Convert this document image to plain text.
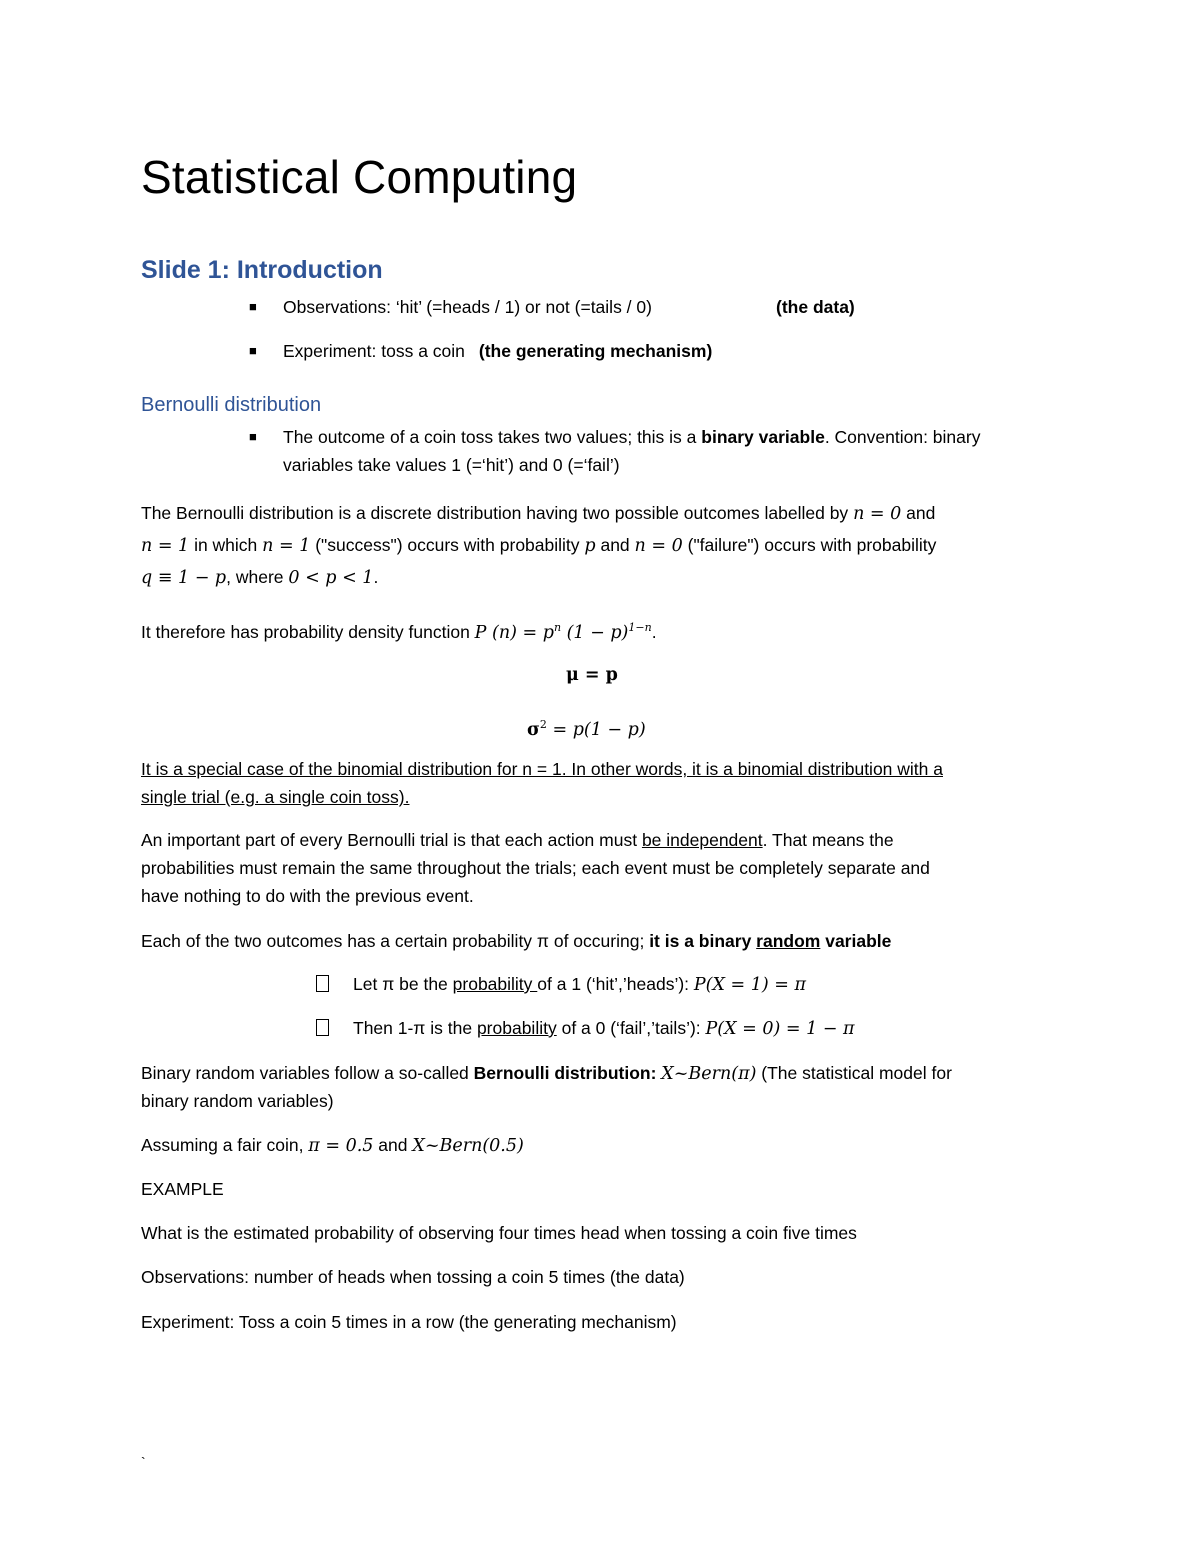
Statistical Computing
Slide 1: Introduction
■ Observations: ‘hit’ (=heads / 1) or not (=tails / 0)	(the data)
■ Experiment: toss a coin (the generating mechanism)
Bernoulli distribution
■ The outcome of a coin toss takes two values; this is a binary variable. Convention: binary
variables take values 1 (=‘hit’) and 0 (=‘fail’)
The Bernoulli distribution is a discrete distribution having two possible outcomes labelled by n = 0 and
n = 1 in which n = 1 ("success") occurs with probability p and n = 0 ("failure") occurs with probability
q ≡ 1 − p, where 0 < p < 1.
It therefore has probability density function P $(n) = p^n$ $(1 - p)^{1-n}$.
μ = p
$\sigma^2 = p(1 - p)$
It is a special case of the binomial distribution for n = 1. In other words, it is a binomial distribution with a
single trial (e.g. a single coin toss).
An important part of every Bernoulli trial is that each action must be independent. That means the
probabilities must remain the same throughout the trials; each event must be completely separate and
have nothing to do with the previous event.
Each of the two outcomes has a certain probability π of occuring; it is a binary random variable
Let π be the probability of a 1 (‘hit’,’heads’): P(X = 1) = π
Then 1-π is the probability of a 0 (‘fail’,’tails’): P(X = 0) = 1 − π
Binary random variables follow a so-called Bernoulli distribution: X~Bern(π) (The statistical model for
binary random variables)
Assuming a fair coin, π = 0.5 and X~Bern(0.5)
EXAMPLE
What is the estimated probability of observing four times head when tossing a coin five times
Observations: number of heads when tossing a coin 5 times (the data)
Experiment: Toss a coin 5 times in a row (the generating mechanism)
`
